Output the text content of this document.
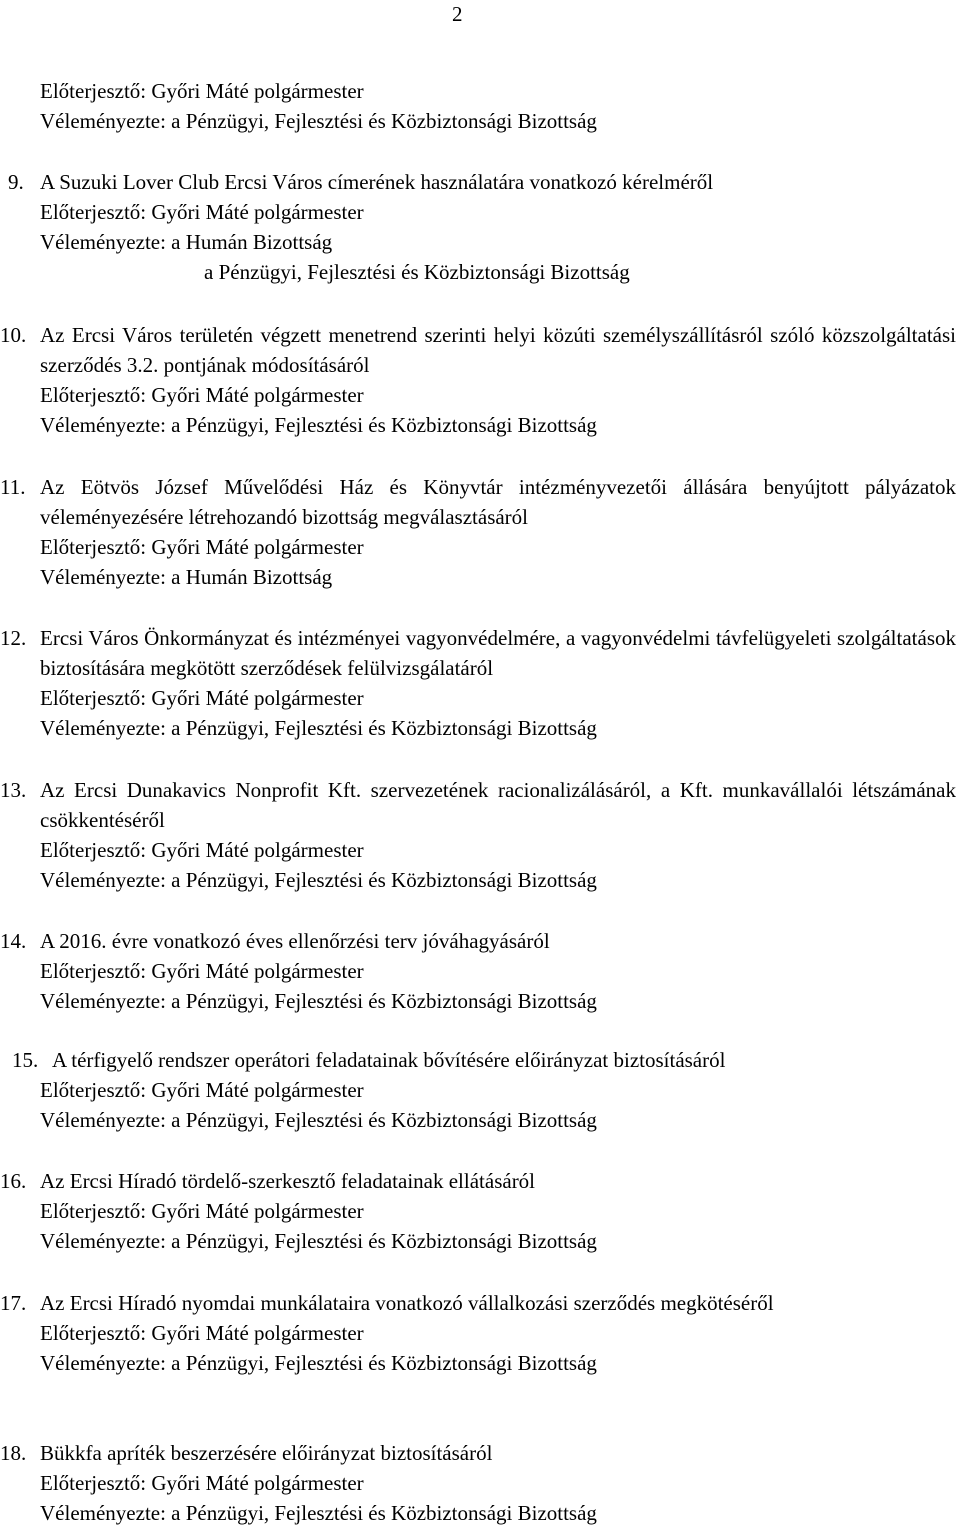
2
Előterjesztő: Győri Máté polgármester
Véleményezte: a Pénzügyi, Fejlesztési és Közbiztonsági Bizottság
9. A Suzuki Lover Club Ercsi Város címerének használatára vonatkozó kérelméről
Előterjesztő: Győri Máté polgármester
Véleményezte: a Humán Bizottság
a Pénzügyi, Fejlesztési és Közbiztonsági Bizottság
10. Az Ercsi Város területén végzett menetrend szerinti helyi közúti személyszállításról szóló közszolgáltatási szerződés 3.2. pontjának módosításáról
Előterjesztő: Győri Máté polgármester
Véleményezte: a Pénzügyi, Fejlesztési és Közbiztonsági Bizottság
11. Az Eötvös József Művelődési Ház és Könyvtár intézményvezetői állására benyújtott pályázatok véleményezésére létrehozandó bizottság megválasztásáról
Előterjesztő: Győri Máté polgármester
Véleményezte: a Humán Bizottság
12. Ercsi Város Önkormányzat és intézményei vagyonvédelmére, a vagyonvédelmi távfelügyeleti szolgáltatások biztosítására megkötött szerződések felülvizsgálatáról
Előterjesztő: Győri Máté polgármester
Véleményezte: a Pénzügyi, Fejlesztési és Közbiztonsági Bizottság
13. Az Ercsi Dunakavics Nonprofit Kft. szervezetének racionalizálásáról, a Kft. munkavállalói létszámának csökkentéséről
Előterjesztő: Győri Máté polgármester
Véleményezte: a Pénzügyi, Fejlesztési és Közbiztonsági Bizottság
14. A 2016. évre vonatkozó éves ellenőrzési terv jóváhagyásáról
Előterjesztő: Győri Máté polgármester
Véleményezte: a Pénzügyi, Fejlesztési és Közbiztonsági Bizottság
15. A térfigyelő rendszer operátori feladatainak bővítésére előirányzat biztosításáról
Előterjesztő: Győri Máté polgármester
Véleményezte: a Pénzügyi, Fejlesztési és Közbiztonsági Bizottság
16. Az Ercsi Híradó tördelő-szerkesztő feladatainak ellátásáról
Előterjesztő: Győri Máté polgármester
Véleményezte: a Pénzügyi, Fejlesztési és Közbiztonsági Bizottság
17. Az Ercsi Híradó nyomdai munkálataira vonatkozó vállalkozási szerződés megkötéséről
Előterjesztő: Győri Máté polgármester
Véleményezte: a Pénzügyi, Fejlesztési és Közbiztonsági Bizottság
18. Bükkfa apríték beszerzésére előirányzat biztosításáról
Előterjesztő: Győri Máté polgármester
Véleményezte: a Pénzügyi, Fejlesztési és Közbiztonsági Bizottság
